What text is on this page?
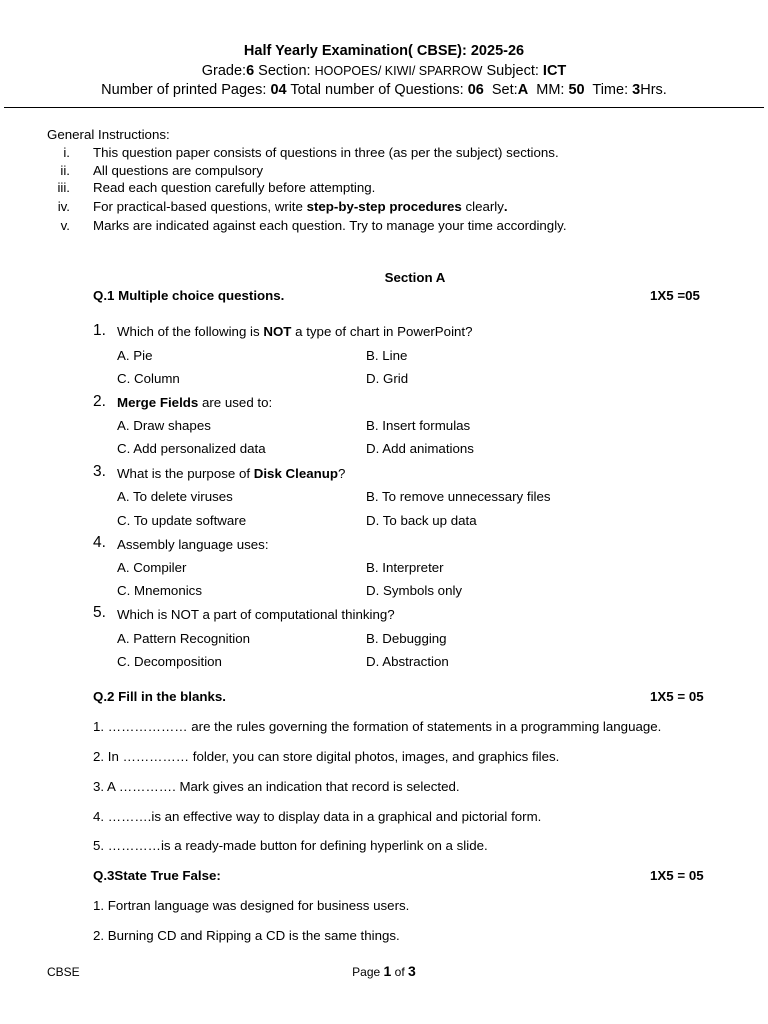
Half Yearly Examination( CBSE): 2025-26
Grade:6 Section: HOOPOES/ KIWI/ SPARROW Subject: ICT
Number of printed Pages: 04 Total number of Questions: 06 Set:A MM: 50 Time: 3Hrs.
General Instructions:
i. This question paper consists of questions in three (as per the subject) sections.
ii. All questions are compulsory
iii. Read each question carefully before attempting.
iv. For practical-based questions, write step-by-step procedures clearly.
v. Marks are indicated against each question. Try to manage your time accordingly.
Section A
Q.1 Multiple choice questions.	1X5 =05
1. Which of the following is NOT a type of chart in PowerPoint?
A. Pie	B. Line
C. Column	D. Grid
2. Merge Fields are used to:
A. Draw shapes	B. Insert formulas
C. Add personalized data	D. Add animations
3. What is the purpose of Disk Cleanup?
A. To delete viruses	B. To remove unnecessary files
C. To update software	D. To back up data
4. Assembly language uses:
A. Compiler	B. Interpreter
C. Mnemonics	D. Symbols only
5. Which is NOT a part of computational thinking?
A. Pattern Recognition	B. Debugging
C. Decomposition	D. Abstraction
Q.2 Fill in the blanks.	1X5 = 05
1. ……………… are the rules governing the formation of statements in a programming language.
2. In …………… folder, you can store digital photos, images, and graphics files.
3. A …………. Mark gives an indication that record is selected.
4. ……….is an effective way to display data in a graphical and pictorial form.
5. …………is a ready-made button for defining hyperlink on a slide.
Q.3State True False:	1X5 = 05
1. Fortran language was designed for business users.
2. Burning CD and Ripping a CD is the same things.
CBSE	Page 1 of 3
